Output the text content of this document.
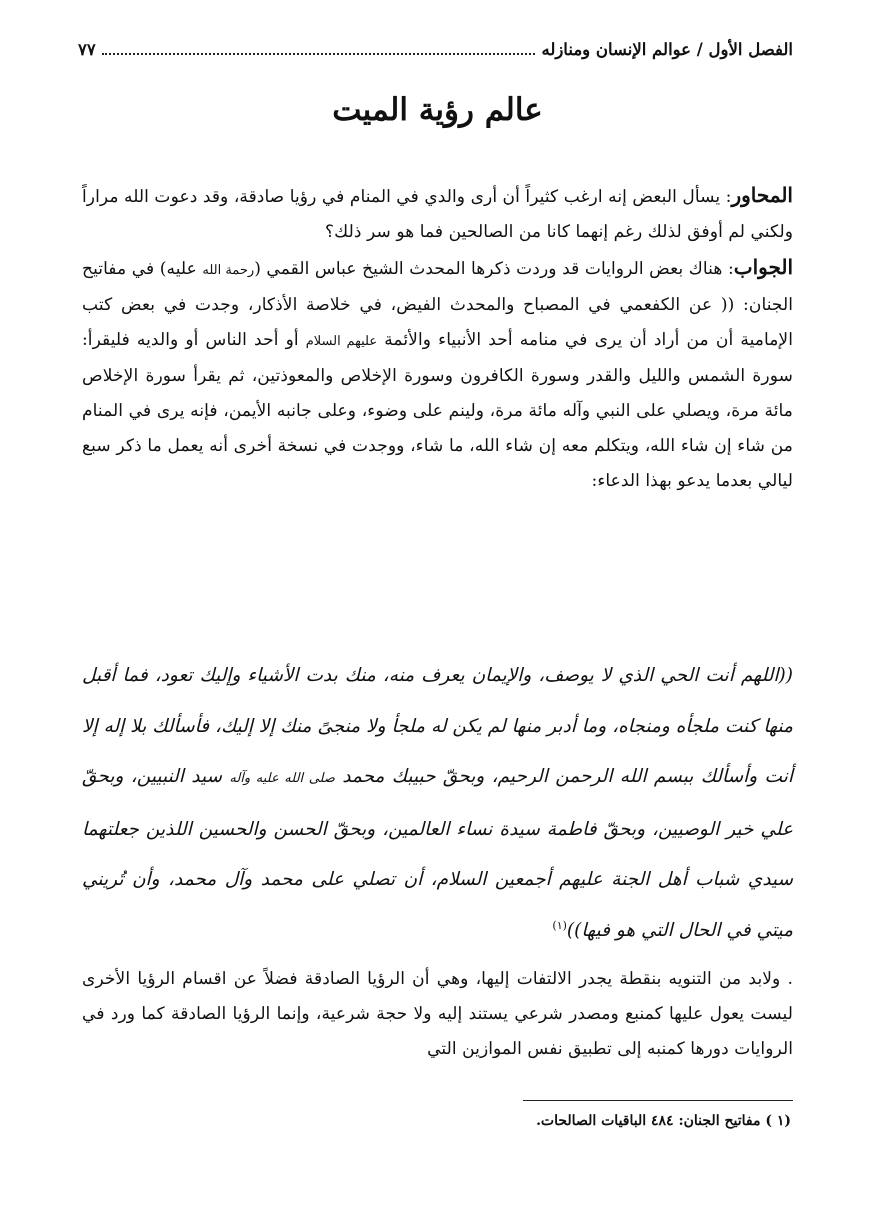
الفصل الأول / عوالم الإنسان ومنازله
٧٧
عالم رؤية الميت

المحاور: يسأل البعض إنه ارغب كثيراً أن أرى والدي في المنام في رؤيا صادقة، وقد دعوت الله مراراً ولكني لم أوفق لذلك رغم إنهما كانا من الصالحين فما هو سر ذلك؟

الجواب: هناك بعض الروايات قد وردت ذكرها المحدث الشيخ عباس القمي (رحمة الله عليه) في مفاتيح الجنان: (( عن الكفعمي في المصباح والمحدث الفيض، في خلاصة الأذكار، وجدت في بعض كتب الإمامية أن من أراد أن يرى في منامه أحد الأنبياء والأئمة عليهم السلام أو أحد الناس أو والديه فليقرأ: سورة الشمس والليل والقدر وسورة الكافرون وسورة الإخلاص والمعوذتين، ثم يقرأ سورة الإخلاص مائة مرة، ويصلي على النبي وآله مائة مرة، ولينم على وضوء، وعلى جانبه الأيمن، فإنه يرى في المنام من شاء إن شاء الله، ويتكلم معه إن شاء الله، ما شاء، ووجدت في نسخة أخرى أنه يعمل ما ذكر سبع ليالي بعدما يدعو بهذا الدعاء:

((اللهم أنت الحي الذي لا يوصف، والإيمان يعرف منه، منك بدت الأشياء وإليك تعود، فما أقبل منها كنت ملجأه ومنجاه، وما أدبر منها لم يكن له ملجأ ولا منجىً منك إلا إليك، فأسألك بلا إله إلا أنت وأسألك ببسم الله الرحمن الرحيم، وبحقّ حبيبك محمد صلى الله عليه وآله سيد النبيين، وبحقّ علي خير الوصيين، وبحقّ فاطمة سيدة نساء العالمين، وبحقّ الحسن والحسين اللذين جعلتهما سيدي شباب أهل الجنة عليهم أجمعين السلام، أن تصلي على محمد وآل محمد، وأن تُريني ميتي في الحال التي هو فيها))$^{(١)}$

. ولابد من التنويه بنقطة يجدر الالتفات إليها، وهي أن الرؤيا الصادقة فضلاً عن اقسام الرؤيا الأخرى ليست يعول عليها كمنبع ومصدر شرعي يستند إليه ولا حجة شرعية، وإنما الرؤيا الصادقة كما ورد في الروايات دورها كمنبه إلى تطبيق نفس الموازين التي

(١ ) مفاتيح الجنان: ٤٨٤ الباقيات الصالحات.
